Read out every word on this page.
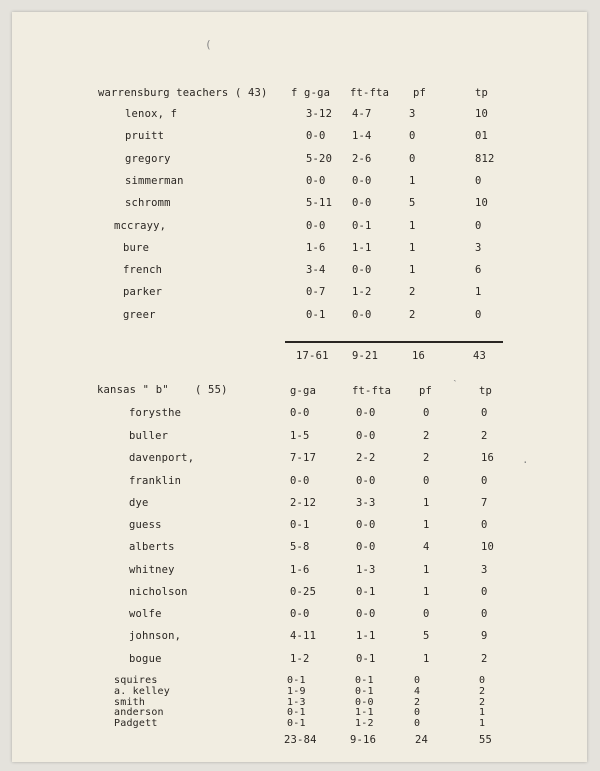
(
ˋ
·
warrensburg teachers ( 43) f g-ga ft-fta pf	tp
lenox, f	3-12 4-7	3	10
pruitt	0-0	1-4	0	01
gregory	5-20 2-6	0	812
simmerman	0-0	0-0	1	0
schromm	5-11 0-0	5	10
mccrayy,	0-0	0-1	1	0
bure	1-6	1-1	1	3
french	3-4	0-0	1	6
parker	0-7	1-2	2	1
greer	0-1	0-0	2	0
17-61 9-21	16	43
kansas " b"	( 55)	g-ga	ft-fta	pf	tp
forysthe	0-0	0-0	0	0
buller	1-5	0-0	2	2
davenport,	7-17	2-2	2	16
franklin	0-0	0-0	0	0
dye	2-12	3-3	1	7
guess	0-1	0-0	1	0
alberts	5-8	0-0	4	10
whitney	1-6	1-3	1	3
nicholson	0-25	0-1	1	0
wolfe	0-0	0-0	0	0
johnson,	4-11	1-1	5	9
bogue	1-2	0-1	1	2
squires	0-1	0-1	0	0
a. kelley	1-9	0-1	4	2
smith	1-3	0-0	2	2
anderson	0-1	1-1	0	1
Padgett	0-1	1-2	0	1
23-84	9-16	24	55
